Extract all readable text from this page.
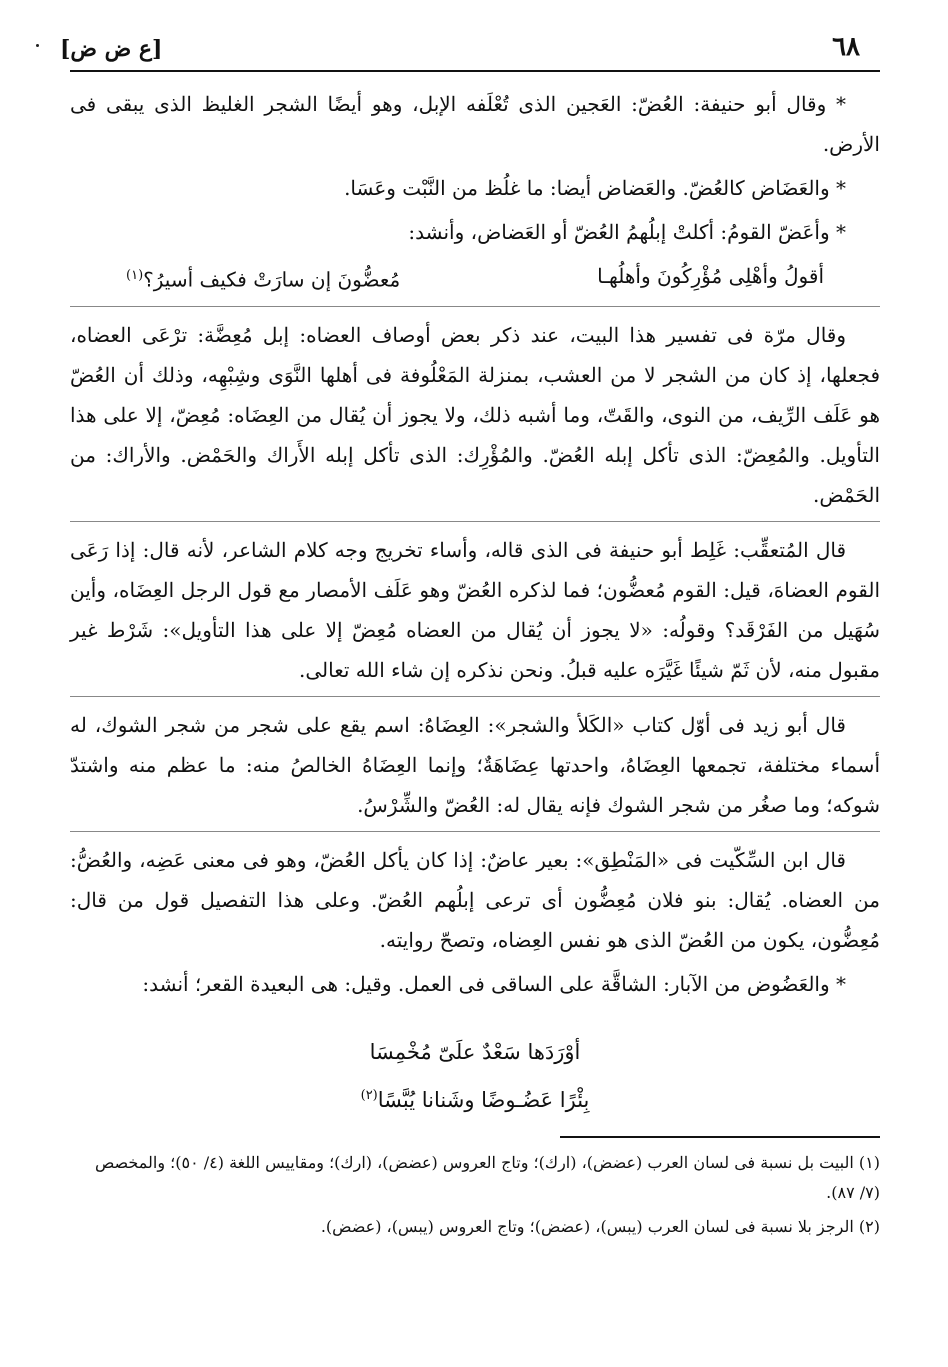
٦٨
[ع ض ض]

* وقال أبو حنيفة: العُضّ: العَجين الذى تُعْلَفه الإبل، وهو أيضًا الشجر الغليظ الذى يبقى فى الأرض.

* والعَضَاض كالعُضّ. والعَضاض أيضا: ما غلُظ من النَّبْت وعَسَا.

* وأعَضّ القومُ: أكلتْ إبلُهمُ العُضّ أو العَضاض، وأنشد:

أقولُ وأهْلِى مُؤْرِكُونَ وأهلُهـا
مُعضُّونَ إن سارَتْ فكيف أسيرُ؟$^{(١)}$

وقال مرّة فى تفسير هذا البيت، عند ذكر بعض أوصاف العضاه: إبل مُعِضَّة: ترْعَى العضاه، فجعلها، إذ كان من الشجر لا من العشب، بمنزلة المَعْلُوفة فى أهلها النَّوَى وشِبْهِه، وذلك أن العُضّ هو عَلَف الرِّيف، من النوى، والقَتّ، وما أشبه ذلك، ولا يجوز أن يُقال من العِضَاه: مُعِضّ، إلا على هذا التأويل. والمُعِضّ: الذى تأكل إبله العُضّ. والمُؤْرِك: الذى تأكل إبله الأَراك والحَمْض. والأراك: من الحَمْض.

قال المُتعقِّب: غَلِط أبو حنيفة فى الذى قاله، وأساء تخريج وجه كلام الشاعر، لأنه قال: إذا رَعَى القوم العضاهَ، قيل: القوم مُعضُّون؛ فما لذكره العُضّ وهو عَلَف الأمصار مع قول الرجل العِضَاه، وأين سُهَيل من الفَرْقَد؟ وقولُه: «لا يجوز أن يُقال من العضاه مُعِضّ إلا على هذا التأويل»: شَرْط غير مقبول منه، لأن ثَمّ شيئًا غَيَّرَه عليه قبلُ. ونحن نذكره إن شاء الله تعالى.

قال أبو زيد فى أوّل كتاب «الكَلأ والشجر»: العِضَاهُ: اسم يقع على شجر من شجر الشوك، له أسماء مختلفة، تجمعها العِضَاهُ، واحدتها عِضَاهَةٌ؛ وإنما العِضَاهُ الخالصُ منه: ما عظم منه واشتدّ شوكه؛ وما صغُر من شجر الشوك فإنه يقال له: العُضّ والشِّرْسُ.

قال ابن السِّكّيت فى «المَنْطِق»: بعير عاضٌ: إذا كان يأكل العُضّ، وهو فى معنى عَضِه، والعُضُّ: من العضاه. يُقال: بنو فلان مُعِضُّون أى ترعى إبلُهم العُضّ. وعلى هذا التفصيل قول من قال: مُعِضُّون، يكون من العُضّ الذى هو نفس العِضاه، وتصحّ روايته.

* والعَضُوض من الآبار: الشاقَّة على الساقى فى العمل. وقيل: هى البعيدة القعر؛ أنشد:

أوْرَدَها سَعْدٌ علَىّ مُخْمِسَا
بِئْرًا عَضُـوضًا وشَنانا يُبَّسًا$^{(٢)}$

(١) البيت بل نسبة فى لسان العرب (عضض)، (ارك)؛ وتاج العروس (عضض)، (ارك)؛ ومقاييس اللغة (٤/ ٥٠)؛ والمخصص (٧/ ٨٧).

(٢) الرجز بلا نسبة فى لسان العرب (يبس)، (عضض)؛ وتاج العروس (يبس)، (عضض).
